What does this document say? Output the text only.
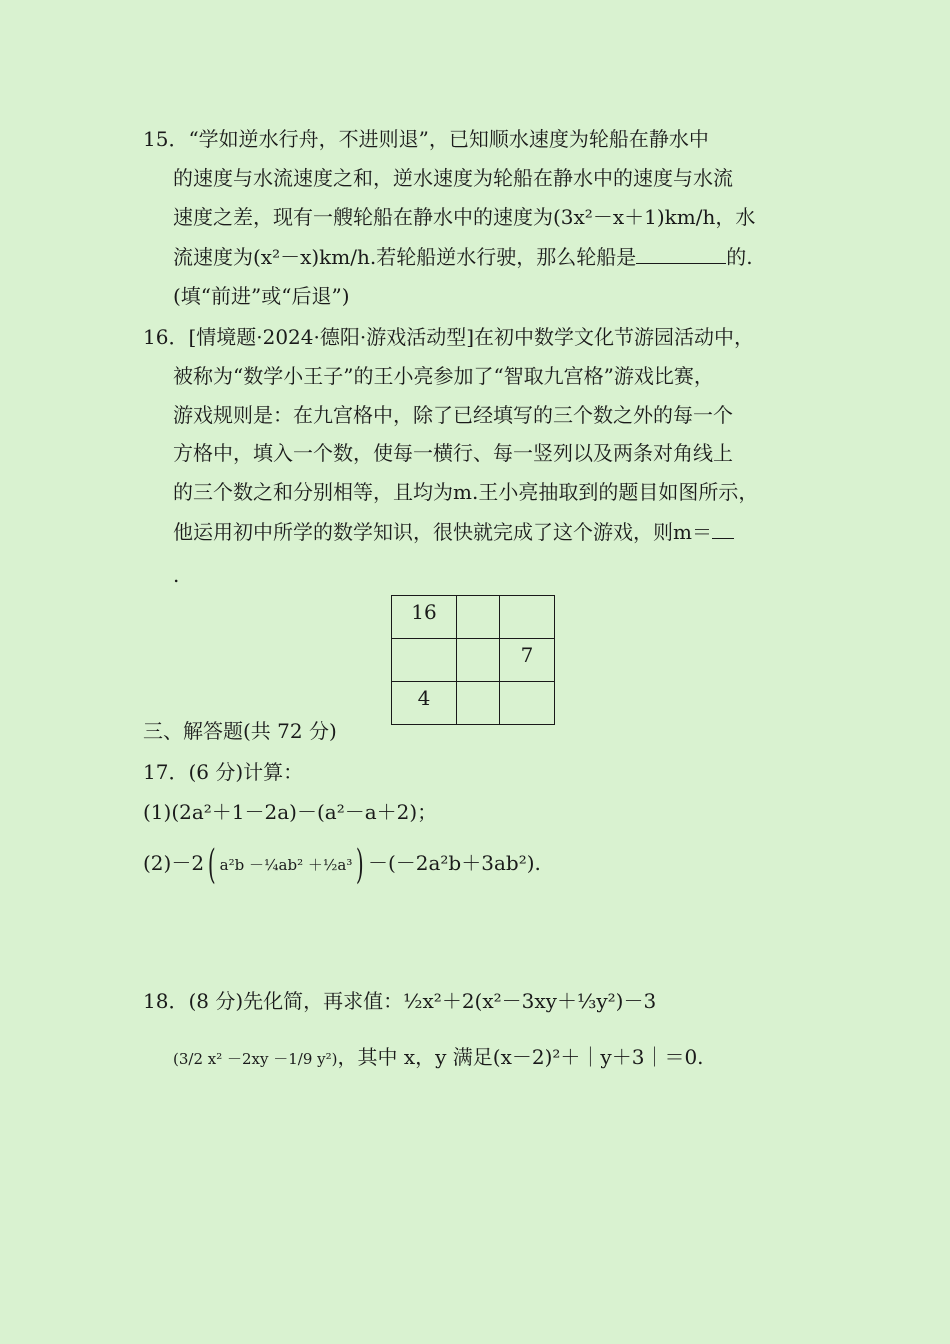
15．“学如逆水行舟，不进则退”，已知顺水速度为轮船在静水中
的速度与水流速度之和，逆水速度为轮船在静水中的速度与水流
速度之差，现有一艘轮船在静水中的速度为(3x²－x＋1)km/h，水
流速度为(x²－x)km/h.若轮船逆水行驶，那么轮船是	的.
(填“前进”或“后退”)
16．[情境题·2024·德阳·游戏活动型]在初中数学文化节游园活动中，
被称为“数学小王子”的王小亮参加了“智取九宫格”游戏比赛，
游戏规则是：在九宫格中，除了已经填写的三个数之外的每一个
方格中，填入一个数，使每一横行、每一竖列以及两条对角线上
的三个数之和分别相等，且均为m.王小亮抽取到的题目如图所示，
他运用初中所学的数学知识，很快就完成了这个游戏，则m＝
.
16		
		7
4		
三、解答题(共 72 分)
17．(6 分)计算：
(1)(2a²＋1－2a)－(a²－a＋2)；
(2)－2( a²b －¼ab² ＋½a³) －(－2a²b＋3ab²).
18．(8 分)先化简，再求值：½x²＋2(x²－3xy＋⅓y²)－3
(3/2 x² －2xy －1/9 y²)，其中 x，y 满足(x－2)²＋｜y＋3｜＝0.
